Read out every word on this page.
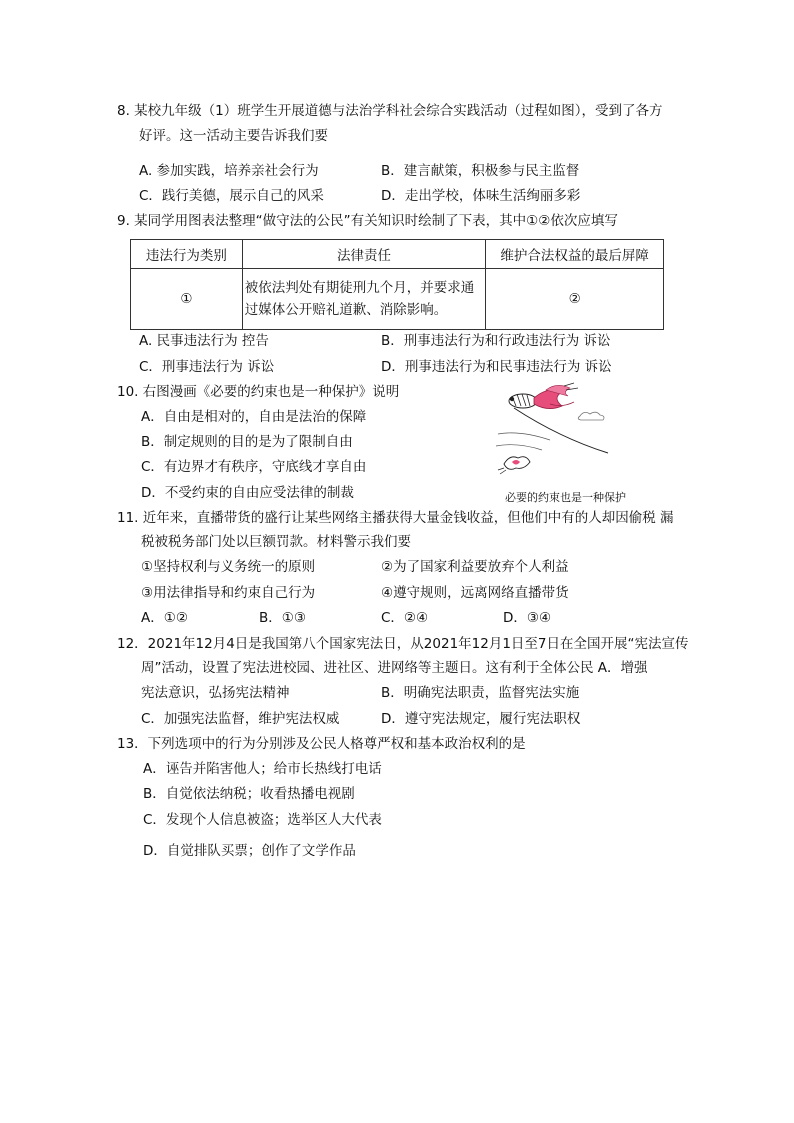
8. 某校九年级（1）班学生开展道德与法治学科社会综合实践活动（过程如图），受到了各方
好评。这一活动主要告诉我们要
A. 参加实践，培养亲社会行为	B．建言献策，积极参与民主监督
C．践行美德，展示自己的风采	D．走出学校，体味生活绚丽多彩
9. 某同学用图表法整理“做守法的公民”有关知识时绘制了下表，其中①②依次应填写
违法行为类别	法律责任	维护合法权益的最后屏障
①	被依法判处有期徒刑九个月，并要求通过媒体公开赔礼道歉、消除影响。	②
A. 民事违法行为 控告	B．刑事违法行为和行政违法行为 诉讼
C．刑事违法行为 诉讼	D．刑事违法行为和民事违法行为 诉讼
10. 右图漫画《必要的约束也是一种保护》说明
A．自由是相对的，自由是法治的保障
B．制定规则的目的是为了限制自由
C．有边界才有秩序，守底线才享自由
D．不受约束的自由应受法律的制裁	必要的约束也是一种保护
11. 近年来，直播带货的盛行让某些网络主播获得大量金钱收益，但他们中有的人却因偷税 漏
税被税务部门处以巨额罚款。材料警示我们要
①坚持权利与义务统一的原则	②为了国家利益要放弃个人利益
③用法律指导和约束自己行为	④遵守规则，远离网络直播带货
A．①②	B．①③	C．②④	D．③④
12．2021年12月4日是我国第八个国家宪法日，从2021年12月1日至7日在全国开展“宪法宣传
周”活动，设置了宪法进校园、进社区、进网络等主题日。这有利于全体公民 A．增强
宪法意识，弘扬宪法精神	B．明确宪法职责，监督宪法实施
C．加强宪法监督，维护宪法权威	D．遵守宪法规定，履行宪法职权
13．下列选项中的行为分别涉及公民人格尊严权和基本政治权利的是
A．诬告并陷害他人；给市长热线打电话
B．自觉依法纳税；收看热播电视剧
C．发现个人信息被盗；选举区人大代表
D．自觉排队买票；创作了文学作品
